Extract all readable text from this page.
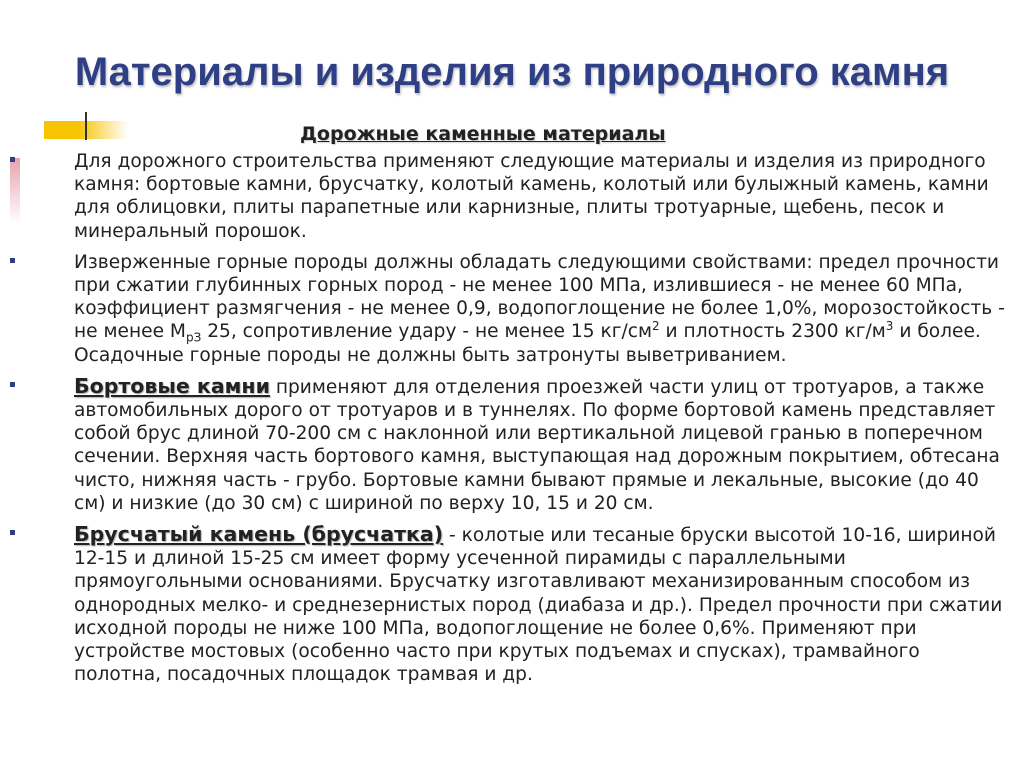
Материалы и изделия из природного камня
Дорожные каменные материалы

Для дорожного строительства применяют следующие материалы и изделия из природного камня: бортовые камни, брусчатку, колотый камень, колотый или булыжный камень, камни для облицовки, плиты парапетные или карнизные, плиты тротуарные, щебень, песок и минеральный порошок.

Изверженные горные породы должны обладать следующими свойствами: предел прочности при сжатии глубинных горных пород - не менее 100 МПа, излившиеся - не менее 60 МПа, коэффициент размягчения - не менее 0,9, водопоглощение не более 1,0%, морозостойкость - не менее $М_{рЗ}$ 25, сопротивление удару - не менее 15 $кг/см^2$ и плотность 2300 $кг/м^3$ и более. Осадочные горные породы не должны быть затронуты выветриванием.

Бортовые камни применяют для отделения проезжей части улиц от тротуаров, а также автомобильных дорого от тротуаров и в туннелях. По форме бортовой камень представляет собой брус длиной 70-200 см с наклонной или вертикальной лицевой гранью в поперечном сечении. Верхняя часть бортового камня, выступающая над дорожным покрытием, обтесана чисто, нижняя часть - грубо. Бортовые камни бывают прямые и лекальные, высокие (до 40 см) и низкие (до 30 см) с шириной по верху 10, 15 и 20 см.

Брусчатый камень (брусчатка) - колотые или тесаные бруски высотой 10-16, шириной 12-15 и длиной 15-25 см имеет форму усеченной пирамиды с параллельными прямоугольными основаниями. Брусчатку изготавливают механизированным способом из однородных мелко- и среднезернистых пород (диабаза и др.). Предел прочности при сжатии исходной породы не ниже 100 МПа, водопоглощение не более 0,6%. Применяют при устройстве мостовых (особенно часто при крутых подъемах и спусках), трамвайного полотна, посадочных площадок трамвая и др.
